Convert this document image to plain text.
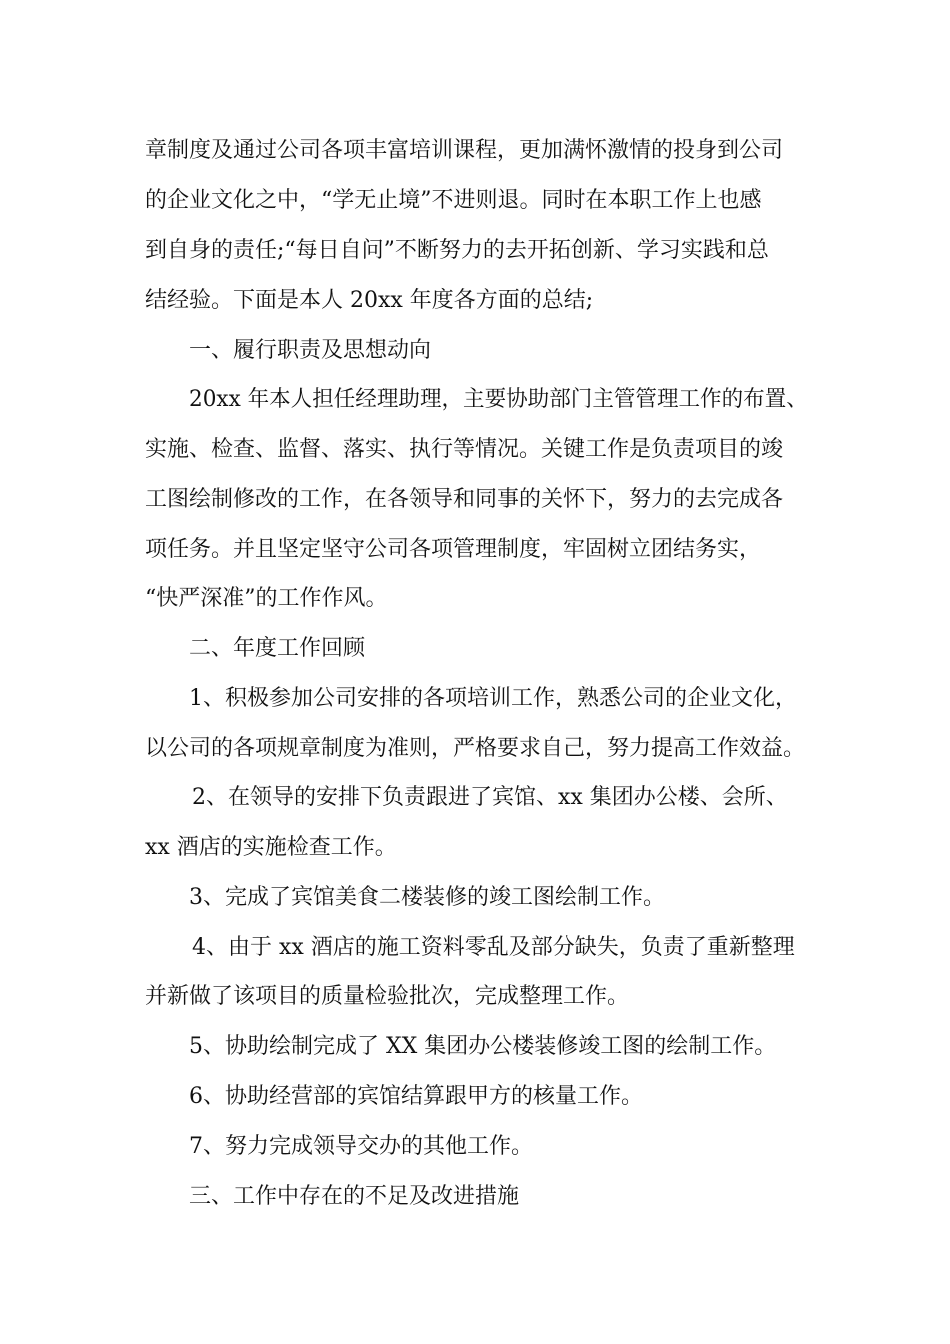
章制度及通过公司各项丰富培训课程，更加满怀激情的投身到公司
的企业文化之中，“学无止境”不进则退。同时在本职工作上也感
到自身的责任;“每日自问”不断努力的去开拓创新、学习实践和总
结经验。下面是本人 20xx 年度各方面的总结;
一、履行职责及思想动向
20xx 年本人担任经理助理，主要协助部门主管管理工作的布置、
实施、检查、监督、落实、执行等情况。关键工作是负责项目的竣
工图绘制修改的工作，在各领导和同事的关怀下，努力的去完成各
项任务。并且坚定坚守公司各项管理制度，牢固树立团结务实，
“快严深准”的工作作风。
二、年度工作回顾
1、积极参加公司安排的各项培训工作，熟悉公司的企业文化，
以公司的各项规章制度为准则，严格要求自己，努力提高工作效益。
2、在领导的安排下负责跟进了宾馆、xx 集团办公楼、会所、
xx 酒店的实施检查工作。
3、完成了宾馆美食二楼装修的竣工图绘制工作。
4、由于 xx 酒店的施工资料零乱及部分缺失，负责了重新整理
并新做了该项目的质量检验批次，完成整理工作。
5、协助绘制完成了 XX 集团办公楼装修竣工图的绘制工作。
6、协助经营部的宾馆结算跟甲方的核量工作。
7、努力完成领导交办的其他工作。
三、工作中存在的不足及改进措施
